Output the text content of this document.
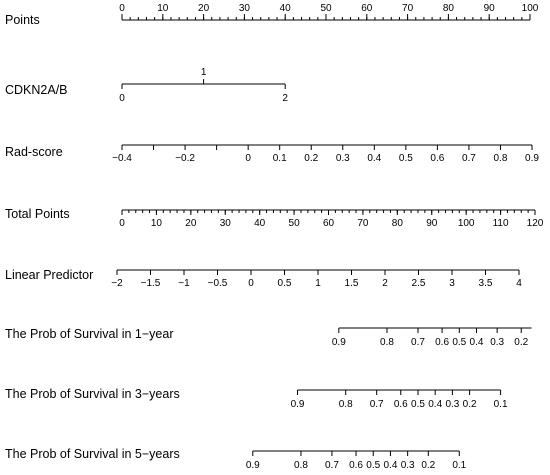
Points
CDKN2A/B
Rad-score
Total Points
Linear Predictor
The Prob of Survival in 1−year
The Prob of Survival in 3−years
The Prob of Survival in 5−years
0	10	20	30	40	50	60	70	80	90	100
0
1
2
−0.4	−0.2	0 0.1 0.2 0.3 0.4 0.5 0.6 0.7 0.8 0.9
0	10 20 30 40 50 60 70 80 90 100 110 120
−2 −1.5 −1 −0.5 0 0.5 1 1.5 2 2.5 3 3.5 4
0.9	0.8 0.7 0.6 0.5 0.4 0.3 0.2
0.9	0.8 0.7 0.6 0.5 0.4 0.3 0.2 0.1
0.9	0.8 0.7 0.6 0.5 0.4 0.3 0.2 0.1
